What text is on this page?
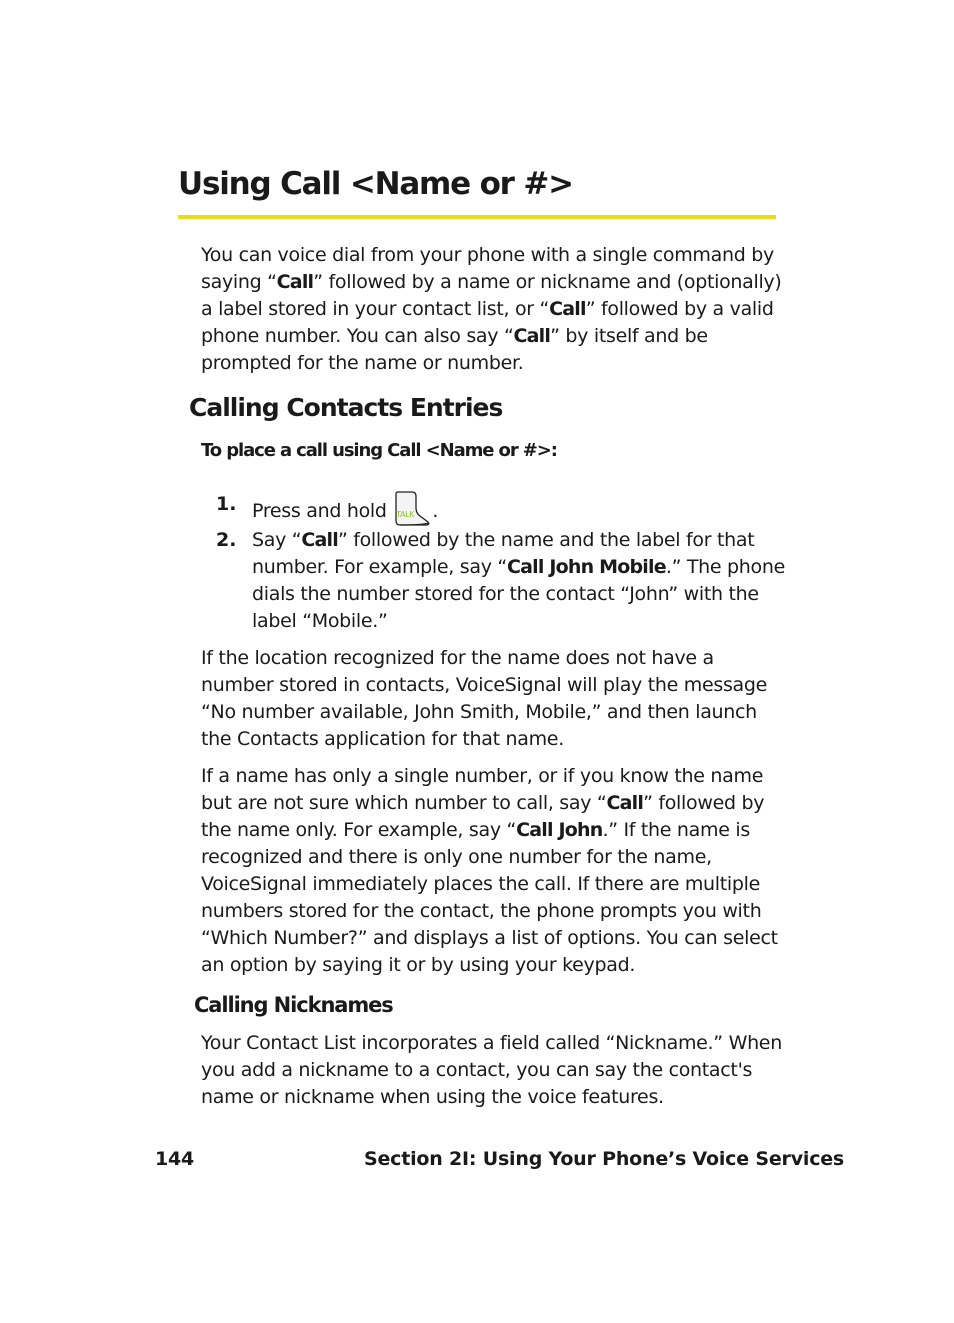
Using Call <Name or #>

You can voice dial from your phone with a single command by saying “Call” followed by a name or nickname and (optionally) a label stored in your contact list, or “Call” followed by a valid phone number. You can also say “Call” by itself and be prompted for the name or number.

Calling Contacts Entries
To place a call using Call <Name or #>:
1. Press and hold TALK .

2. Say “Call” followed by the name and the label for that number. For example, say “Call John Mobile.” The phone dials the number stored for the contact “John” with the label “Mobile.”

If the location recognized for the name does not have a number stored in contacts, VoiceSignal will play the message “No number available, John Smith, Mobile,” and then launch the Contacts application for that name.

If a name has only a single number, or if you know the name but are not sure which number to call, say “Call” followed by the name only. For example, say “Call John.” If the name is recognized and there is only one number for the name, VoiceSignal immediately places the call. If there are multiple numbers stored for the contact, the phone prompts you with “Which Number?” and displays a list of options. You can select an option by saying it or by using your keypad.

Calling Nicknames

Your Contact List incorporates a field called “Nickname.” When you add a nickname to a contact, you can say the contact's name or nickname when using the voice features.

144	Section 2I: Using Your Phone’s Voice Services
